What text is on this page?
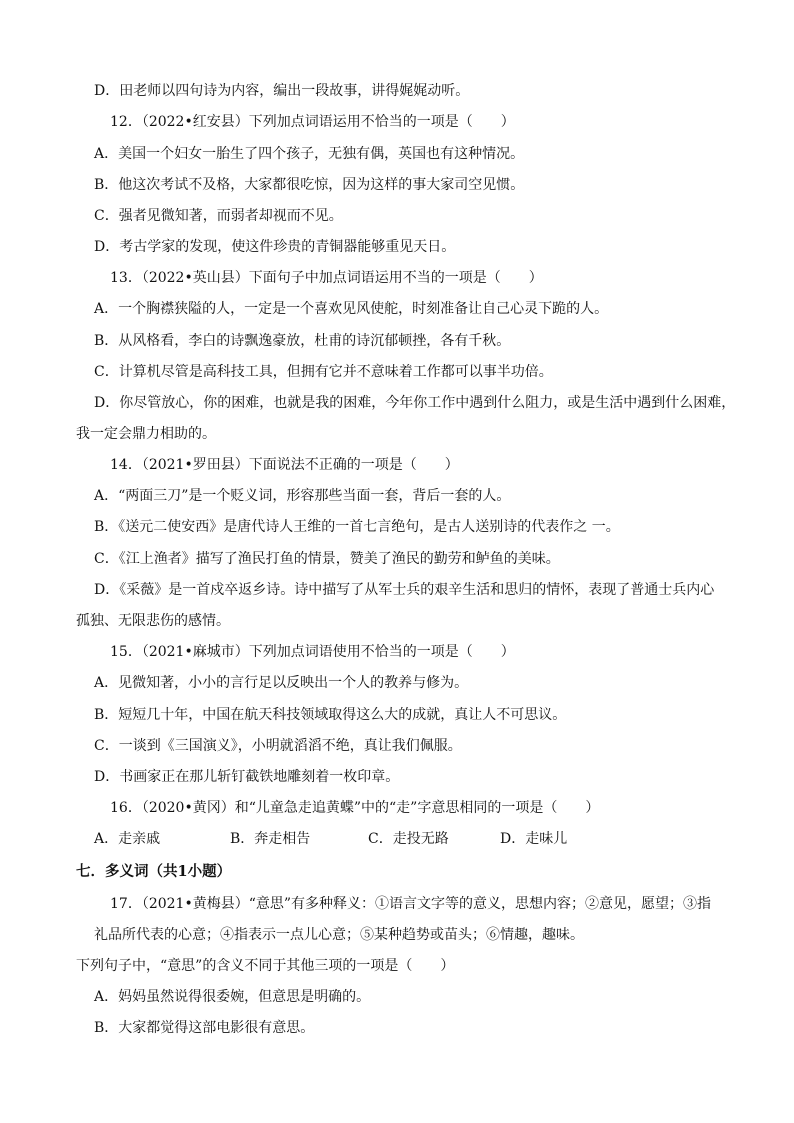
D．田老师以四句诗为内容，编出一段故事，讲得娓娓动听。
12．（2022•红安县）下列加点词语运用不恰当的一项是（　　）
A．美国一个妇女一胎生了四个孩子，无独有偶，英国也有这种情况。
B．他这次考试不及格，大家都很吃惊，因为这样的事大家司空见惯。
C．强者见微知著，而弱者却视而不见。
D．考古学家的发现，使这件珍贵的青铜器能够重见天日。
13．（2022•英山县）下面句子中加点词语运用不当的一项是（　　）
A．一个胸襟狭隘的人，一定是一个喜欢见风使舵，时刻准备让自己心灵下跪的人。
B．从风格看，李白的诗飘逸豪放，杜甫的诗沉郁顿挫，各有千秋。
C．计算机尽管是高科技工具，但拥有它并不意味着工作都可以事半功倍。
D．你尽管放心，你的困难，也就是我的困难，今年你工作中遇到什么阻力，或是生活中遇到什么困难，
我一定会鼎力相助的。
14．（2021•罗田县）下面说法不正确的一项是（　　）
A．“两面三刀”是一个贬义词，形容那些当面一套，背后一套的人。
B．《送元二使安西》是唐代诗人王维的一首七言绝句，是古人送别诗的代表作之 一。
C．《江上渔者》描写了渔民打鱼的情景，赞美了渔民的勤劳和鲈鱼的美味。
D．《采薇》是一首戍卒返乡诗。诗中描写了从军士兵的艰辛生活和思归的情怀，表现了普通士兵内心
孤独、无限悲伤的感情。
15．（2021•麻城市）下列加点词语使用不恰当的一项是（　　）
A．见微知著，小小的言行足以反映出一个人的教养与修为。
B．短短几十年，中国在航天科技领域取得这么大的成就，真让人不可思议。
C．一谈到《三国演义》，小明就滔滔不绝，真让我们佩服。
D．书画家正在那儿斩钉截铁地雕刻着一枚印章。
16．（2020•黄冈）和“儿童急走追黄蝶”中的“走”字意思相同的一项是（　　）
A．走亲戚	B．奔走相告	C．走投无路	D．走味儿
七．多义词（共1小题）
17．（2021•黄梅县）“意思”有多种释义：①语言文字等的意义，思想内容；②意见，愿望；③指
礼品所代表的心意；④指表示一点儿心意；⑤某种趋势或苗头；⑥情趣，趣味。
下列句子中，“意思”的含义不同于其他三项的一项是（　　）
A．妈妈虽然说得很委婉，但意思是明确的。
B．大家都觉得这部电影很有意思。
